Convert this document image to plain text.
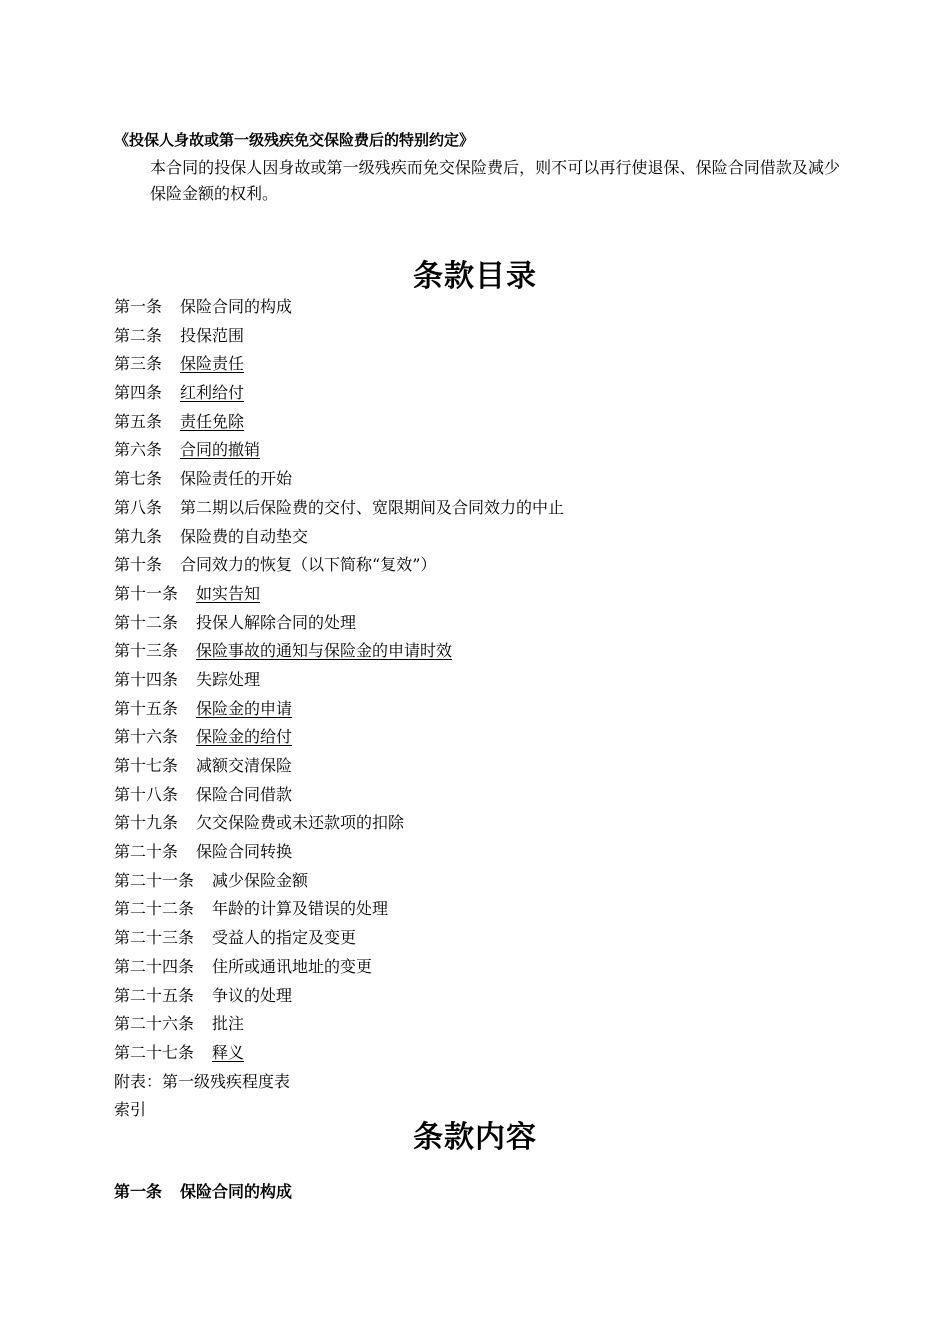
《投保人身故或第一级残疾免交保险费后的特别约定》
本合同的投保人因身故或第一级残疾而免交保险费后，则不可以再行使退保、保险合同借款及减少保险金额的权利。
条款目录
第一条 保险合同的构成
第二条 投保范围
第三条 保险责任
第四条 红利给付
第五条 责任免除
第六条 合同的撤销
第七条 保险责任的开始
第八条 第二期以后保险费的交付、宽限期间及合同效力的中止
第九条 保险费的自动垫交
第十条 合同效力的恢复（以下简称“复效”）
第十一条 如实告知
第十二条 投保人解除合同的处理
第十三条 保险事故的通知与保险金的申请时效
第十四条 失踪处理
第十五条 保险金的申请
第十六条 保险金的给付
第十七条 减额交清保险
第十八条 保险合同借款
第十九条 欠交保险费或未还款项的扣除
第二十条 保险合同转换
第二十一条 减少保险金额
第二十二条 年龄的计算及错误的处理
第二十三条 受益人的指定及变更
第二十四条 住所或通讯地址的变更
第二十五条 争议的处理
第二十六条 批注
第二十七条 释义
附表：第一级残疾程度表
索引
条款内容
第一条 保险合同的构成
